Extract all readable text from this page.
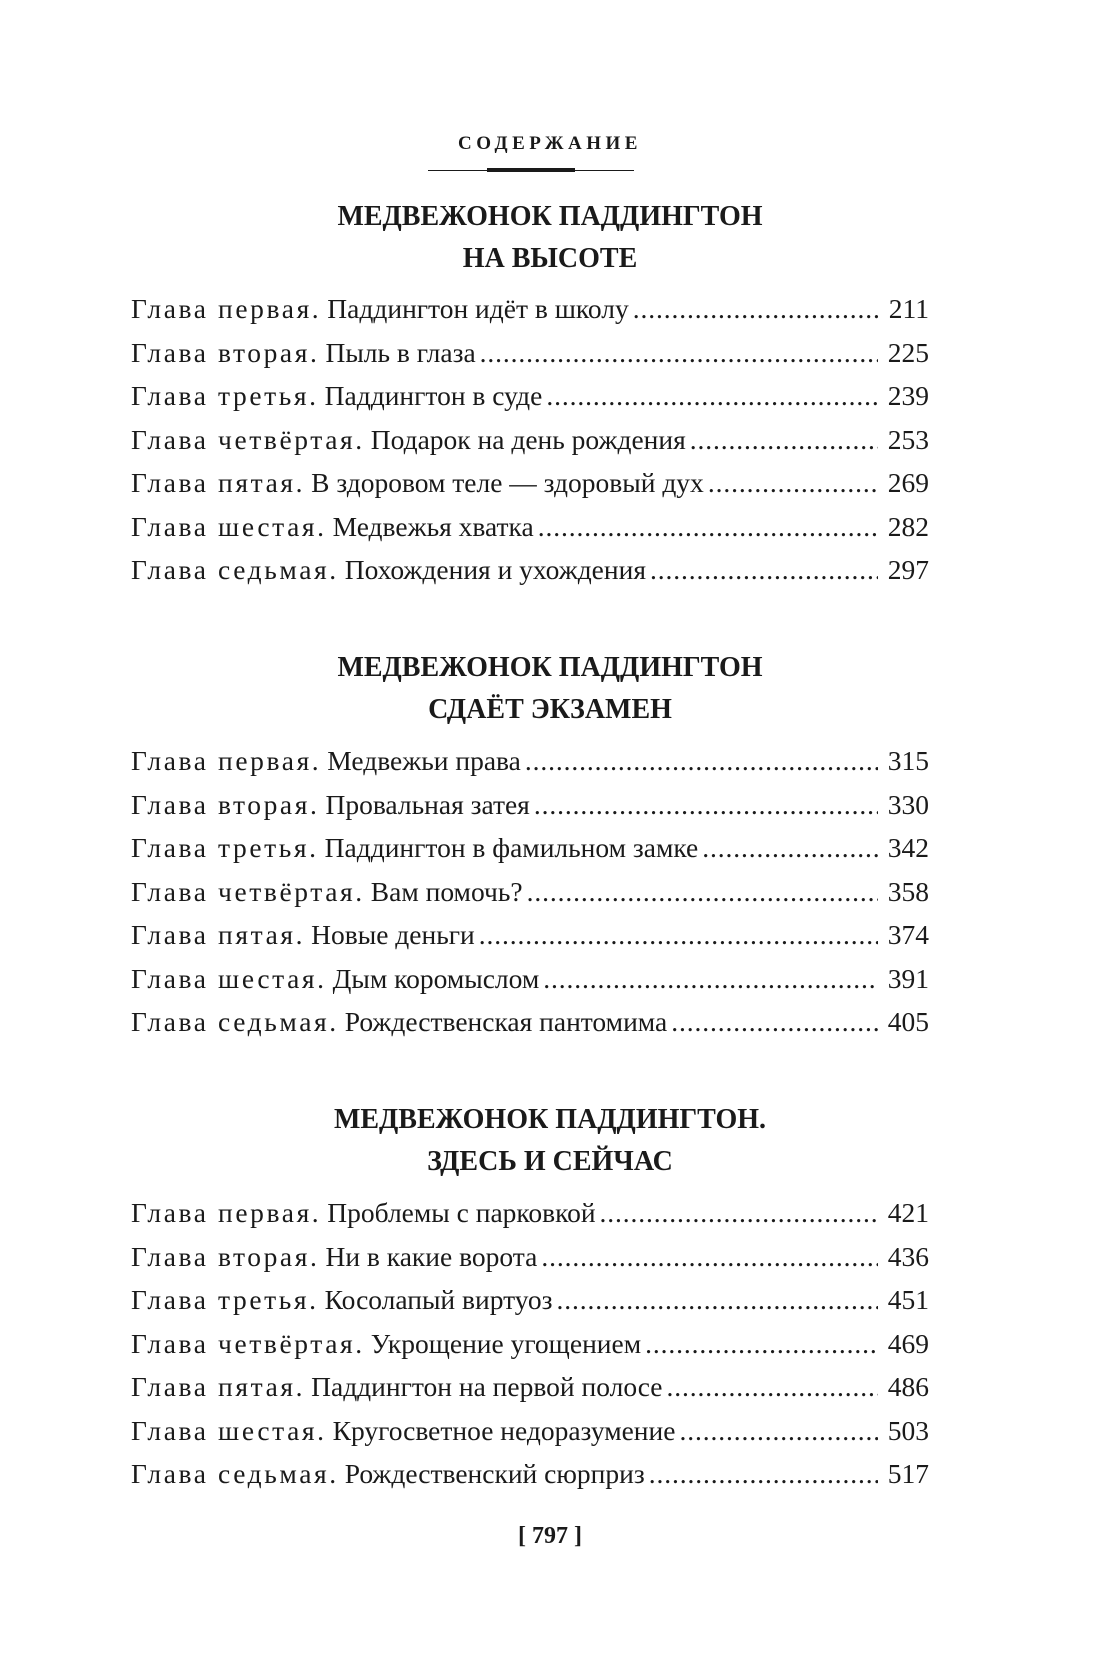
СОДЕРЖАНИЕ
МЕДВЕЖОНОК ПАДДИНГТОН
НА ВЫСОТЕ
Глава первая. Паддингтон идёт в школу . . .	211
Глава вторая. Пыль в глаза . . .	225
Глава третья. Паддингтон в суде . . .	239
Глава четвёртая. Подарок на день рождения . . .	253
Глава пятая. В здоровом теле — здоровый дух . . .	269
Глава шестая. Медвежья хватка . . .	282
Глава седьмая. Похождения и ухождения . . .	297
МЕДВЕЖОНОК ПАДДИНГТОН
СДАЁТ ЭКЗАМЕН
Глава первая. Медвежьи права . . .	315
Глава вторая. Провальная затея . . .	330
Глава третья. Паддингтон в фамильном замке . . .	342
Глава четвёртая. Вам помочь? . . .	358
Глава пятая. Новые деньги . . .	374
Глава шестая. Дым коромыслом . . .	391
Глава седьмая. Рождественская пантомима . . .	405
МЕДВЕЖОНОК ПАДДИНГТОН.
ЗДЕСЬ И СЕЙЧАС
Глава первая. Проблемы с парковкой . . .	421
Глава вторая. Ни в какие ворота . . .	436
Глава третья. Косолапый виртуоз . . .	451
Глава четвёртая. Укрощение угощением . . .	469
Глава пятая. Паддингтон на первой полосе . . .	486
Глава шестая. Кругосветное недоразумение . . .	503
Глава седьмая. Рождественский сюрприз . . .	517
[ 797 ]
